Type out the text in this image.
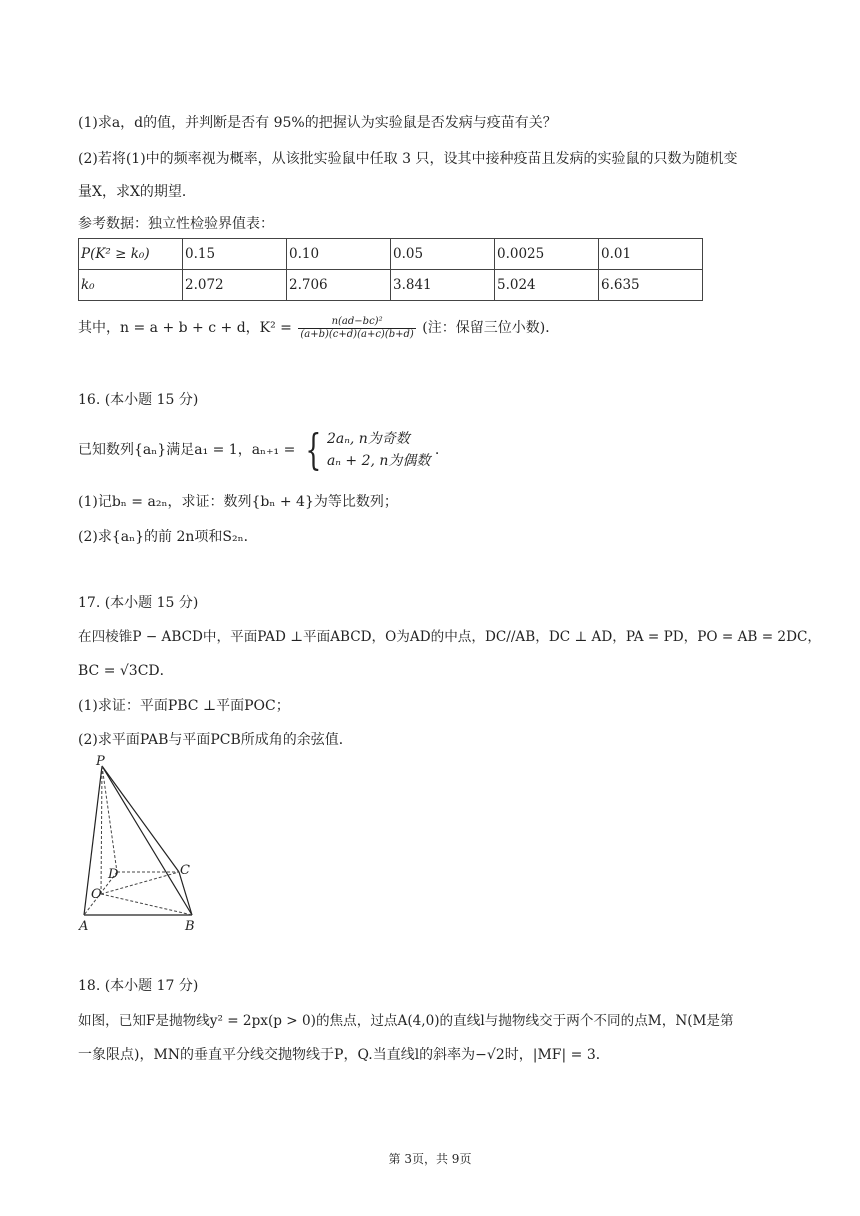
(1)求a，d的值，并判断是否有 95%的把握认为实验鼠是否发病与疫苗有关？
(2)若将(1)中的频率视为概率，从该批实验鼠中任取 3 只，设其中接种疫苗且发病的实验鼠的只数为随机变
量X，求X的期望．
参考数据：独立性检验界值表：
P(K² ≥ k₀)	0.15	0.10	0.05	0.0025	0.01
k₀	2.072	2.706	3.841	5.024	6.635
其中，n = a + b + c + d，$K^2 = \frac{\text{n(ad−bc)²}}{(a+b)(c+d)(a+c)(b+d)}$ (注：保留三位小数)．
16. (本小题 15 分)
已知数列{aₙ}满足a₁ = 1，aₙ₊₁ = { 2aₙ, n为奇数
aₙ + 2, n为偶数
.
(1)记bₙ = a₂ₙ，求证：数列{bₙ + 4}为等比数列；
(2)求{aₙ}的前 2n项和S₂ₙ．
17. (本小题 15 分)
在四棱锥P − ABCD中，平面PAD ⊥平面ABCD，O为AD的中点，DC//AB，DC ⊥ AD，PA = PD，PO = AB = 2DC，
BC = √3CD．
(1)求证：平面PBC ⊥平面POC；
(2)求平面PAB与平面PCB所成角的余弦值．
P
D	C
O
A	B
18. (本小题 17 分)
如图，已知F是抛物线y² = 2px(p > 0)的焦点，过点A(4,0)的直线l与抛物线交于两个不同的点M，N(M是第
一象限点)，MN的垂直平分线交抛物线于P，Q.当直线l的斜率为−√2时，|MF| = 3．
第 3页，共 9页
